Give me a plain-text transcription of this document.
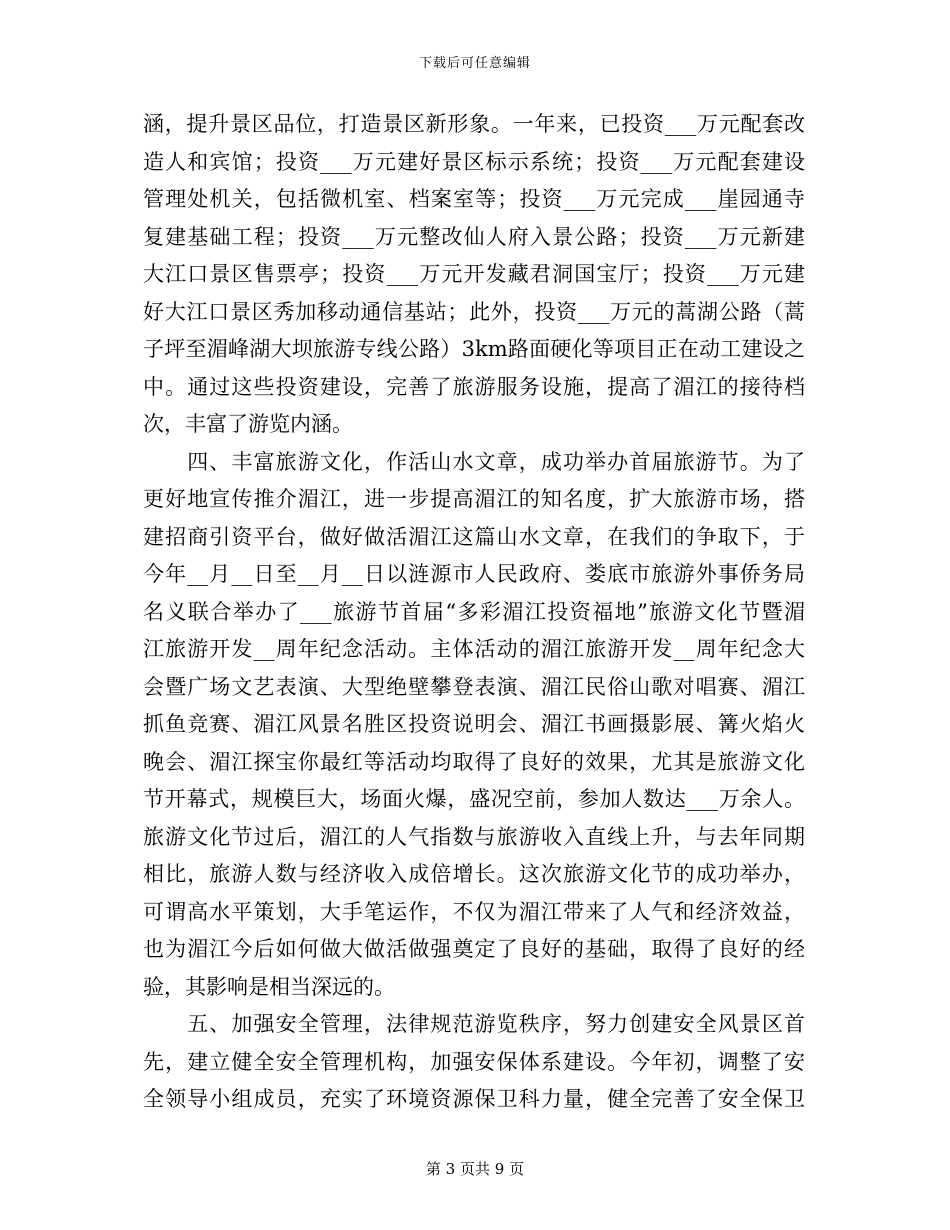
下载后可任意编辑
涵，提升景区品位，打造景区新形象。一年来，已投资___万元配套改
造人和宾馆；投资___万元建好景区标示系统；投资___万元配套建设
管理处机关，包括微机室、档案室等；投资___万元完成___崖园通寺
复建基础工程；投资___万元整改仙人府入景公路；投资___万元新建
大江口景区售票亭；投资___万元开发藏君洞国宝厅；投资___万元建
好大江口景区秀加移动通信基站；此外，投资___万元的蒿湖公路（蒿
子坪至湄峰湖大坝旅游专线公路）3km路面硬化等项目正在动工建设之
中。通过这些投资建设，完善了旅游服务设施，提高了湄江的接待档
次，丰富了游览内涵。
　　四、丰富旅游文化，作活山水文章，成功举办首届旅游节。为了
更好地宣传推介湄江，进一步提高湄江的知名度，扩大旅游市场，搭
建招商引资平台，做好做活湄江这篇山水文章，在我们的争取下，于
今年__月__日至__月__日以涟源市人民政府、娄底市旅游外事侨务局
名义联合举办了___旅游节首届“多彩湄江投资福地”旅游文化节暨湄
江旅游开发__周年纪念活动。主体活动的湄江旅游开发__周年纪念大
会暨广场文艺表演、大型绝壁攀登表演、湄江民俗山歌对唱赛、湄江
抓鱼竞赛、湄江风景名胜区投资说明会、湄江书画摄影展、篝火焰火
晚会、湄江探宝你最红等活动均取得了良好的效果，尤其是旅游文化
节开幕式，规模巨大，场面火爆，盛况空前，参加人数达___万余人。
旅游文化节过后，湄江的人气指数与旅游收入直线上升，与去年同期
相比，旅游人数与经济收入成倍增长。这次旅游文化节的成功举办，
可谓高水平策划，大手笔运作，不仅为湄江带来了人气和经济效益，
也为湄江今后如何做大做活做强奠定了良好的基础，取得了良好的经
验，其影响是相当深远的。
　　五、加强安全管理，法律规范游览秩序，努力创建安全风景区首
先，建立健全安全管理机构，加强安保体系建设。今年初，调整了安
全领导小组成员，充实了环境资源保卫科力量，健全完善了安全保卫
第 3 页共 9 页
